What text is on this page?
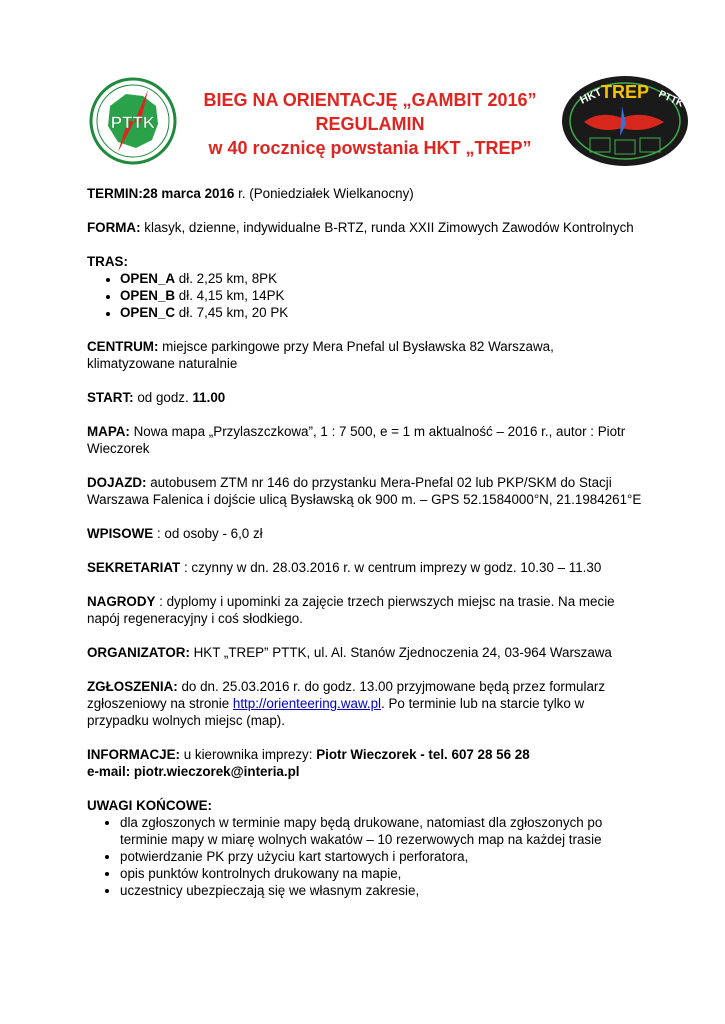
PTTK
BIEG NA ORIENTACJĘ „GAMBIT 2016”
REGULAMIN
w 40 rocznicę powstania HKT „TREP”
HKT
TREP PTTK

TERMIN:28 marca 2016 r. (Poniedziałek Wielkanocny)

FORMA: klasyk, dzienne, indywidualne B-RTZ, runda XXII Zimowych Zawodów Kontrolnych

TRAS:
• OPEN_A dł. 2,25 km, 8PK
• OPEN_B dł. 4,15 km, 14PK
• OPEN_C dł. 7,45 km, 20 PK

CENTRUM: miejsce parkingowe przy Mera Pnefal ul Bysławska 82 Warszawa, klimatyzowane naturalnie

START: od godz. 11.00

MAPA: Nowa mapa „Przylaszczkowa”, 1 : 7 500, e = 1 m aktualność – 2016 r., autor : Piotr Wieczorek

DOJAZD: autobusem ZTM nr 146 do przystanku Mera-Pnefal 02 lub PKP/SKM do Stacji Warszawa Falenica i dojście ulicą Bysławską ok 900 m. – GPS 52.1584000°N, 21.1984261°E

WPISOWE : od osoby - 6,0 zł

SEKRETARIAT : czynny w dn. 28.03.2016 r. w centrum imprezy w godz. 10.30 – 11.30

NAGRODY : dyplomy i upominki za zajęcie trzech pierwszych miejsc na trasie. Na mecie napój regeneracyjny i coś słodkiego.

ORGANIZATOR: HKT „TREP” PTTK, ul. Al. Stanów Zjednoczenia 24, 03-964 Warszawa

ZGŁOSZENIA: do dn. 25.03.2016 r. do godz. 13.00 przyjmowane będą przez formularz zgłoszeniowy na stronie http://orienteering.waw.pl. Po terminie lub na starcie tylko w przypadku wolnych miejsc (map).

INFORMACJE: u kierownika imprezy: Piotr Wieczorek - tel. 607 28 56 28
e-mail: piotr.wieczorek@interia.pl

UWAGI KOŃCOWE:
• dla zgłoszonych w terminie mapy będą drukowane, natomiast dla zgłoszonych po terminie mapy w miarę wolnych wakatów – 10 rezerwowych map na każdej trasie
• potwierdzanie PK przy użyciu kart startowych i perforatora,
• opis punktów kontrolnych drukowany na mapie,
• uczestnicy ubezpieczają się we własnym zakresie,
